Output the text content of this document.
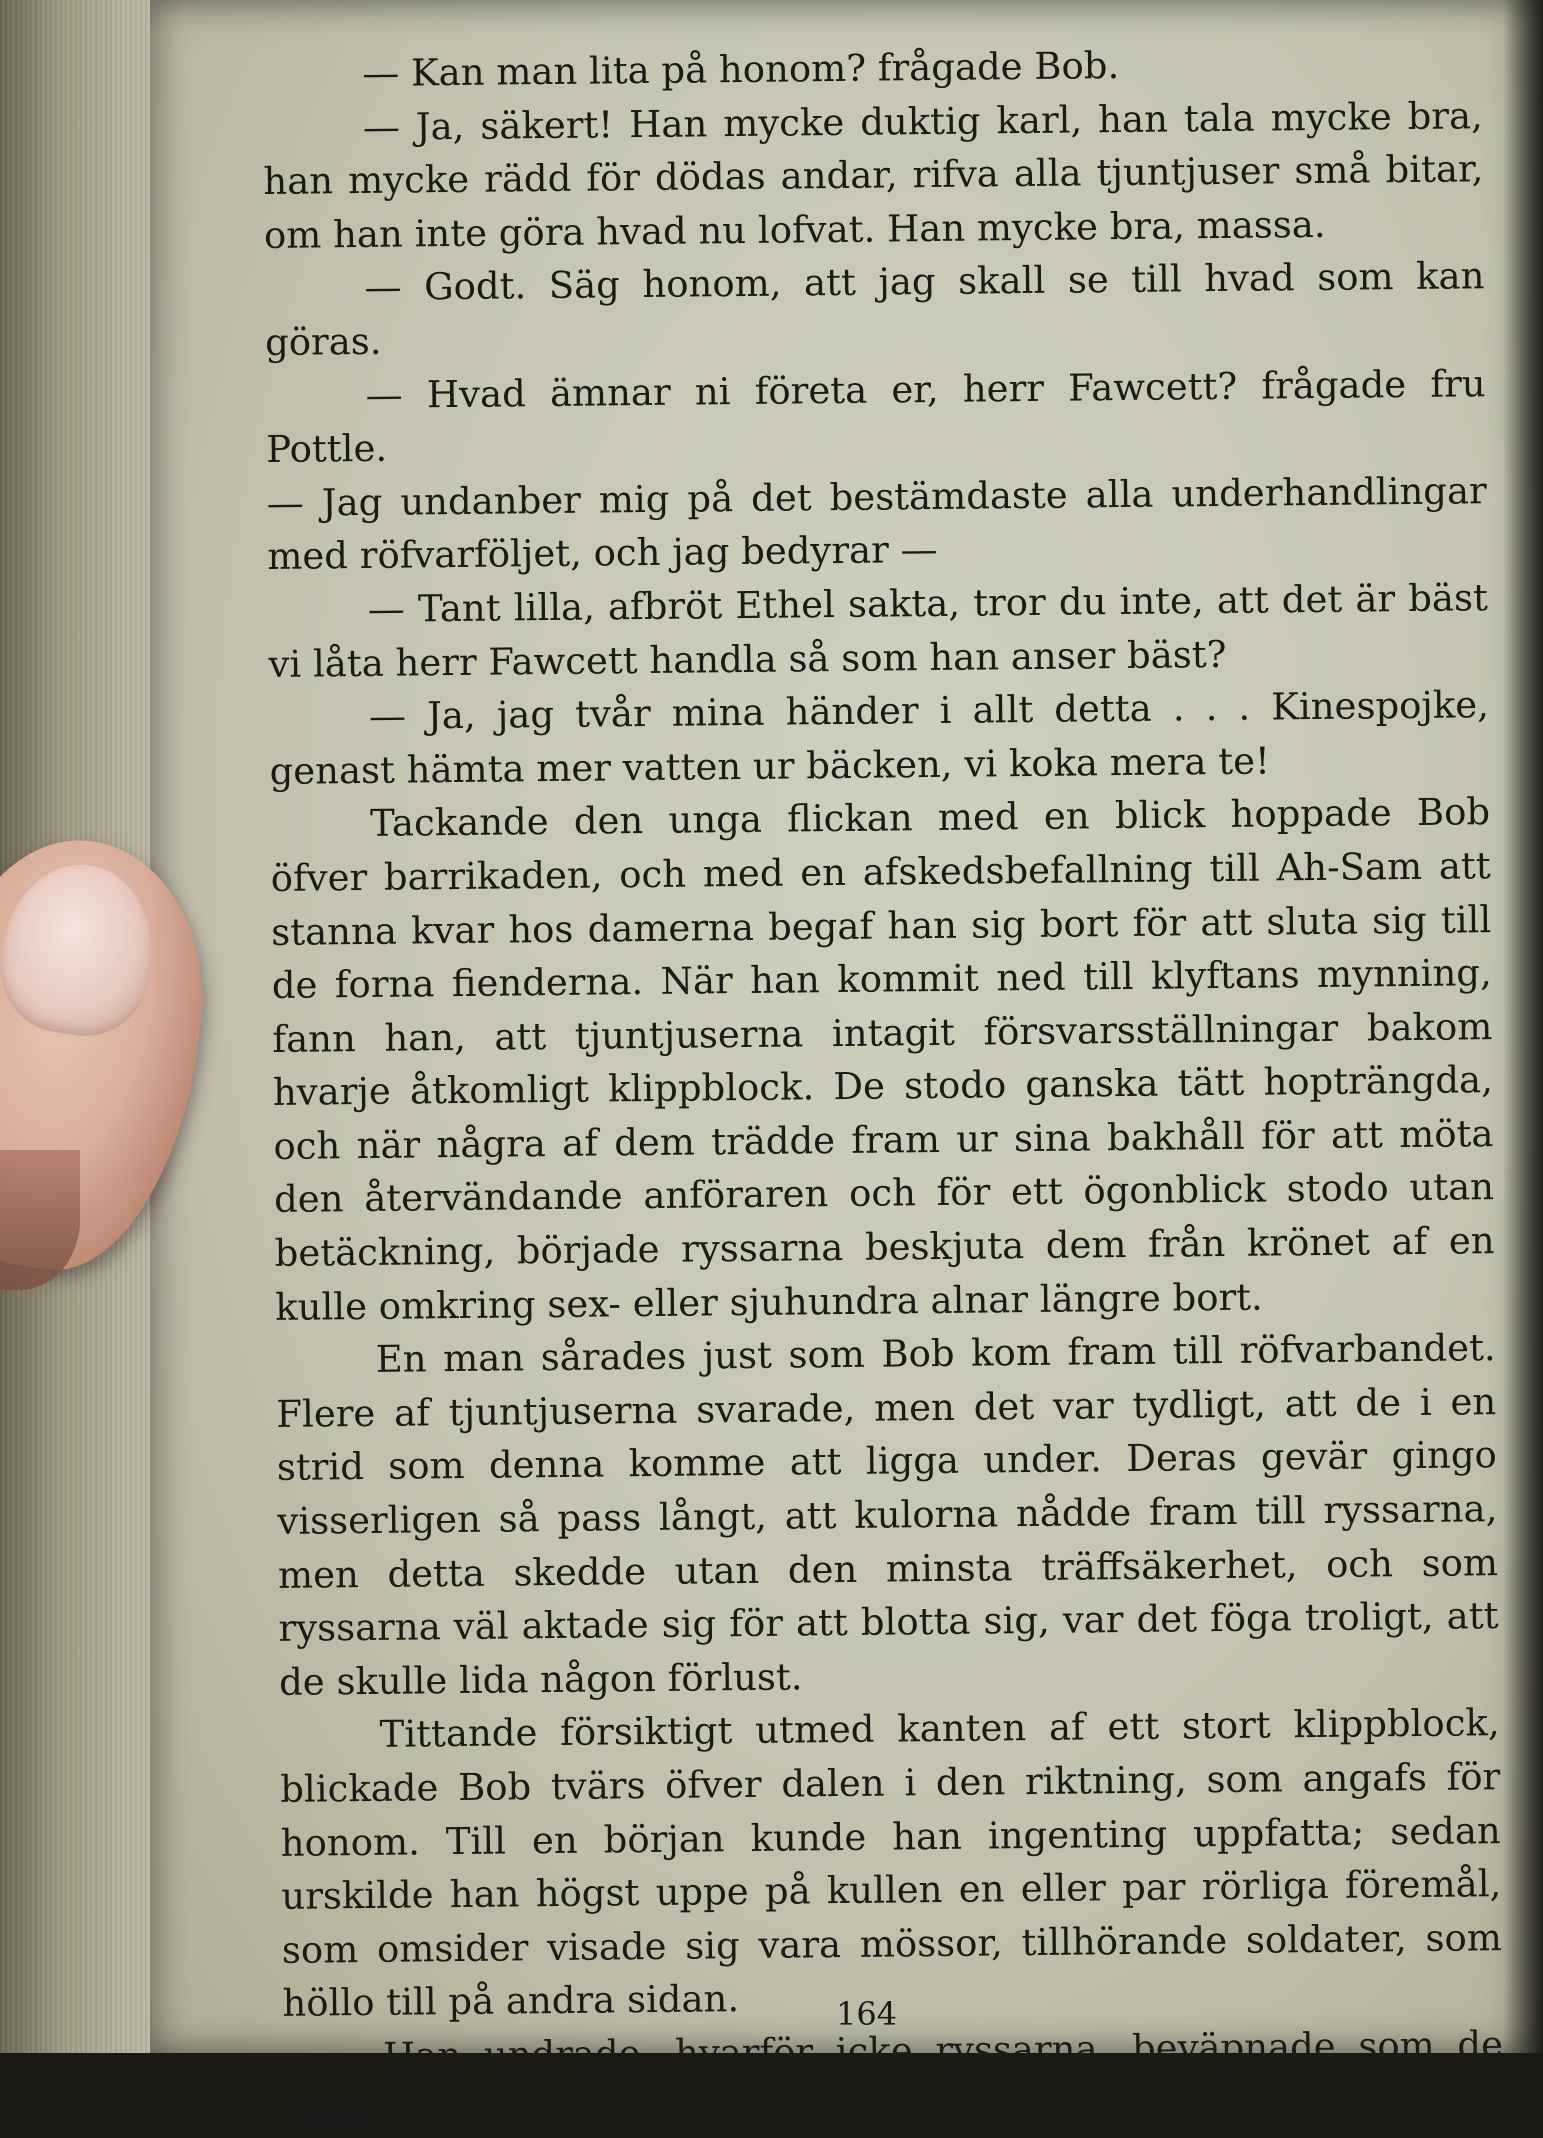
— Kan man lita på honom? frågade Bob.

— Ja, säkert! Han mycke duktig karl, han tala mycke bra, han mycke rädd för dödas andar, rifva alla tjuntjuser små bitar, om han inte göra hvad nu lofvat. Han mycke bra, massa.

— Godt. Säg honom, att jag skall se till hvad som kan göras.

— Hvad ämnar ni företa er, herr Fawcett? frågade fru Pottle.

— Jag undanber mig på det bestämdaste alla underhandlingar med röfvarföljet, och jag bedyrar —

— Tant lilla, afbröt Ethel sakta, tror du inte, att det är bäst vi låta herr Fawcett handla så som han anser bäst?

— Ja, jag tvår mina händer i allt detta . . . Kinespojke, genast hämta mer vatten ur bäcken, vi koka mera te!

Tackande den unga flickan med en blick hoppade Bob öfver barrikaden, och med en afskedsbefallning till Ah-Sam att stanna kvar hos damerna begaf han sig bort för att sluta sig till de forna fienderna. När han kommit ned till klyftans mynning, fann han, att tjuntjuserna intagit försvarsställningar bakom hvarje åtkomligt klippblock. De stodo ganska tätt hopträngda, och när några af dem trädde fram ur sina bakhåll för att möta den återvändande anföraren och för ett ögonblick stodo utan betäckning, började ryssarna beskjuta dem från krönet af en kulle omkring sex- eller sjuhundra alnar längre bort.

En man sårades just som Bob kom fram till röfvarbandet. Flere af tjuntjuserna svarade, men det var tydligt, att de i en strid som denna komme att ligga under. Deras gevär gingo visserligen så pass långt, att kulorna nådde fram till ryssarna, men detta skedde utan den minsta träffsäkerhet, och som ryssarna väl aktade sig för att blotta sig, var det föga troligt, att de skulle lida någon förlust.

Tittande försiktigt utmed kanten af ett stort klippblock, blickade Bob tvärs öfver dalen i den riktning, som angafs för honom. Till en början kunde han ingenting uppfatta; sedan urskilde han högst uppe på kullen en eller par rörliga föremål, som omsider visade sig vara mössor, tillhörande soldater, som höllo till på andra sidan.

Han undrade, hvarför icke ryssarna, beväpnade som de voro

164
